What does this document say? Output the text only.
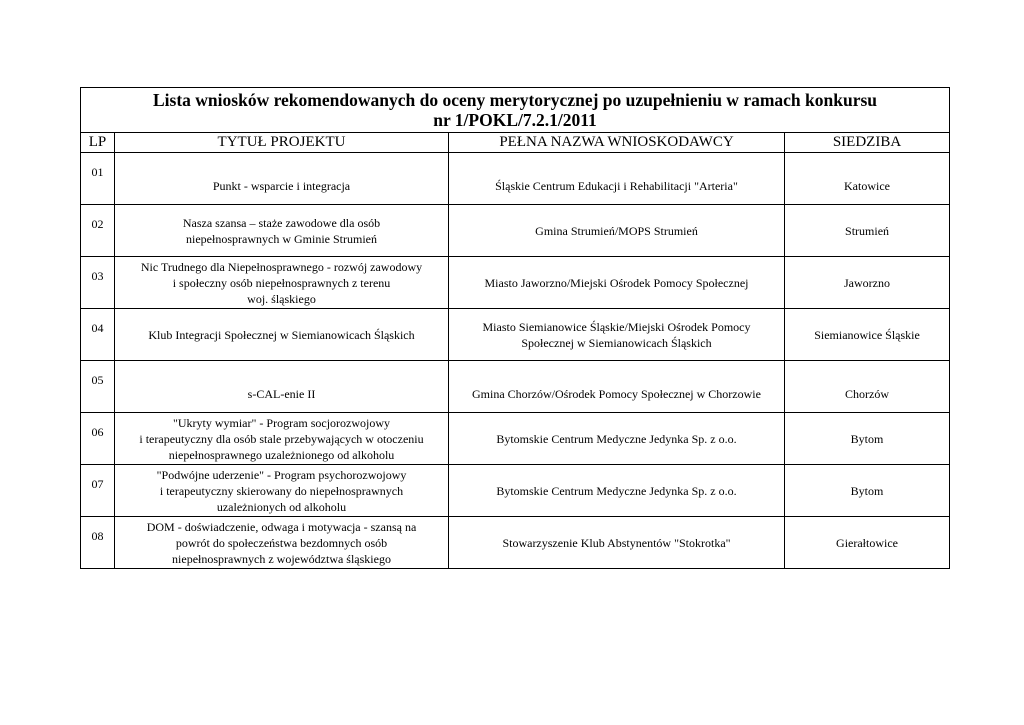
Lista wniosków rekomendowanych do oceny merytorycznej po uzupełnieniu w ramach konkursu
nr 1/POKL/7.2.1/2011			

LP	TYTUŁ PROJEKTU	PEŁNA NAZWA WNIOSKODAWCY	SIEDZIBA
01	Punkt - wsparcie i integracja	Śląskie Centrum Edukacji i Rehabilitacji "Arteria"	Katowice
02	Nasza szansa – staże zawodowe dla osób
niepełnosprawnych w Gminie Strumień	Gmina Strumień/MOPS Strumień	Strumień
03	Nic Trudnego dla Niepełnosprawnego - rozwój zawodowy
i społeczny osób niepełnosprawnych z terenu
woj. śląskiego	Miasto Jaworzno/Miejski Ośrodek Pomocy Społecznej	Jaworzno
04	Klub Integracji Społecznej w Siemianowicach Śląskich	Miasto Siemianowice Śląskie/Miejski Ośrodek Pomocy
Społecznej w Siemianowicach Śląskich	Siemianowice Śląskie
05	s-CAL-enie II	Gmina Chorzów/Ośrodek Pomocy Społecznej w Chorzowie	Chorzów
06	"Ukryty wymiar" - Program socjorozwojowy
i terapeutyczny dla osób stale przebywających w otoczeniu
niepełnosprawnego uzależnionego od alkoholu	Bytomskie Centrum Medyczne Jedynka Sp. z o.o.	Bytom
07	"Podwójne uderzenie" - Program psychorozwojowy
i terapeutyczny skierowany do niepełnosprawnych
uzależnionych od alkoholu	Bytomskie Centrum Medyczne Jedynka Sp. z o.o.	Bytom
08	DOM - doświadczenie, odwaga i motywacja - szansą na
powrót do społeczeństwa bezdomnych osób
niepełnosprawnych z województwa śląskiego	Stowarzyszenie Klub Abstynentów "Stokrotka"	Gierałtowice
